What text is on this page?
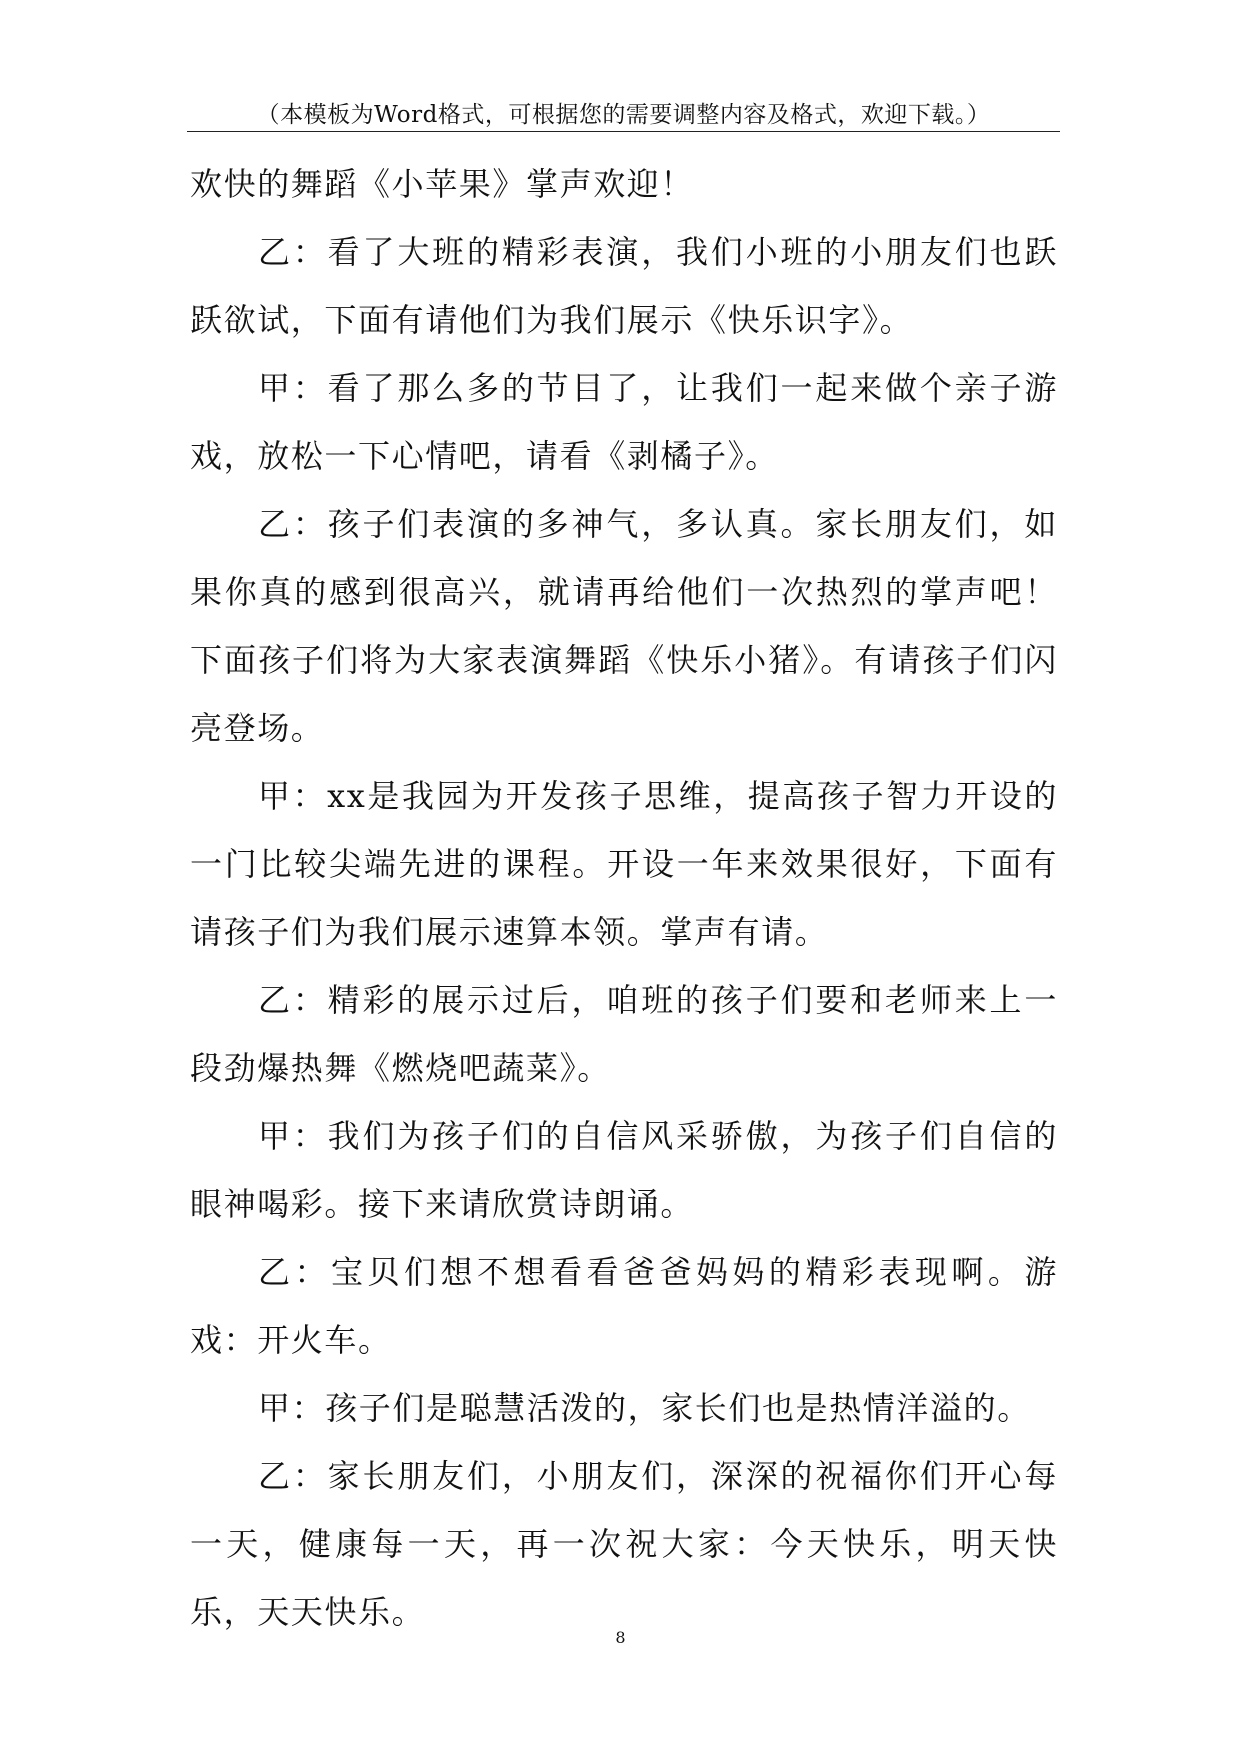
（本模板为Word格式，可根据您的需要调整内容及格式，欢迎下载。）

欢快的舞蹈《小苹果》掌声欢迎！

乙：看了大班的精彩表演，我们小班的小朋友们也跃跃欲试，下面有请他们为我们展示《快乐识字》。

甲：看了那么多的节目了，让我们一起来做个亲子游戏，放松一下心情吧，请看《剥橘子》。

乙：孩子们表演的多神气，多认真。家长朋友们，如果你真的感到很高兴，就请再给他们一次热烈的掌声吧！下面孩子们将为大家表演舞蹈《快乐小猪》。有请孩子们闪亮登场。

甲：xx是我园为开发孩子思维，提高孩子智力开设的一门比较尖端先进的课程。开设一年来效果很好，下面有请孩子们为我们展示速算本领。掌声有请。

乙：精彩的展示过后，咱班的孩子们要和老师来上一段劲爆热舞《燃烧吧蔬菜》。

甲：我们为孩子们的自信风采骄傲，为孩子们自信的眼神喝彩。接下来请欣赏诗朗诵。

乙：宝贝们想不想看看爸爸妈妈的精彩表现啊。游戏：开火车。

甲：孩子们是聪慧活泼的，家长们也是热情洋溢的。

乙：家长朋友们，小朋友们，深深的祝福你们开心每一天，健康每一天，再一次祝大家：今天快乐，明天快乐，天天快乐。

8
